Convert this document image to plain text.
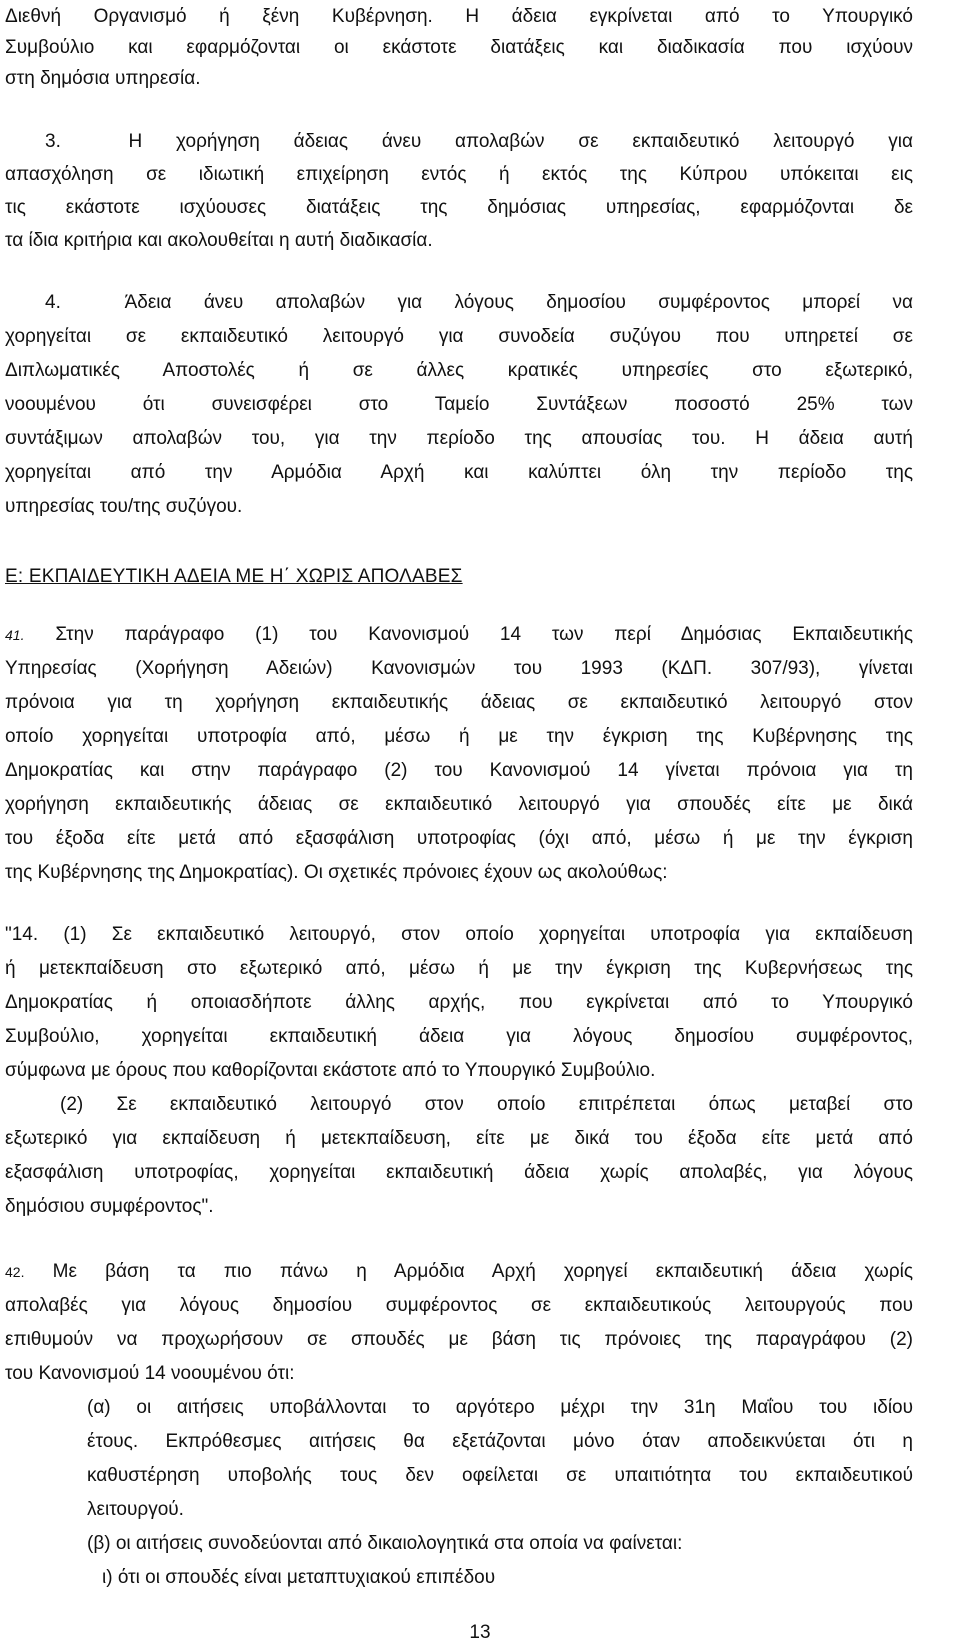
Διεθνή Οργανισμό ή ξένη Κυβέρνηση. Η άδεια εγκρίνεται από το Υπουργικό
Συμβούλιο και εφαρμόζονται οι εκάστοτε διατάξεις και διαδικασία που ισχύουν
στη δημόσια υπηρεσία.
3.	Η χορήγηση άδειας άνευ απολαβών σε εκπαιδευτικό λειτουργό για
απασχόληση σε ιδιωτική επιχείρηση εντός ή εκτός της Κύπρου υπόκειται εις
τις εκάστοτε ισχύουσες διατάξεις της δημόσιας υπηρεσίας, εφαρμόζονται δε
τα ίδια κριτήρια και ακολουθείται η αυτή διαδικασία.
4.	Άδεια άνευ απολαβών για λόγους δημοσίου συμφέροντος μπορεί να
χορηγείται σε εκπαιδευτικό λειτουργό για συνοδεία συζύγου που υπηρετεί σε
Διπλωματικές Αποστολές ή σε άλλες κρατικές υπηρεσίες στο εξωτερικό,
νοουμένου ότι συνεισφέρει στο Ταμείο Συντάξεων ποσοστό 25% των
συντάξιμων απολαβών του, για την περίοδο της απουσίας του. Η άδεια αυτή
χορηγείται από την Αρμόδια Αρχή και καλύπτει όλη την περίοδο της
υπηρεσίας του/της συζύγου.
Ε: ΕΚΠΑΙΔΕΥΤΙΚΗ ΑΔΕΙΑ ΜΕ Η΄ ΧΩΡΙΣ ΑΠΟΛΑΒΕΣ
41. Στην παράγραφο (1) του Κανονισμού 14 των περί Δημόσιας Εκπαιδευτικής
Υπηρεσίας (Χορήγηση Αδειών) Κανονισμών του 1993 (ΚΔΠ. 307/93), γίνεται
πρόνοια για τη χορήγηση εκπαιδευτικής άδειας σε εκπαιδευτικό λειτουργό στον
οποίο χορηγείται υποτροφία από, μέσω ή με την έγκριση της Κυβέρνησης της
Δημοκρατίας και στην παράγραφο (2) του Κανονισμού 14 γίνεται πρόνοια για τη
χορήγηση εκπαιδευτικής άδειας σε εκπαιδευτικό λειτουργό για σπουδές είτε με δικά
του έξοδα είτε μετά από εξασφάλιση υποτροφίας (όχι από, μέσω ή με την έγκριση
της Κυβέρνησης της Δημοκρατίας). Οι σχετικές πρόνοιες έχουν ως ακολούθως:
"14. (1) Σε εκπαιδευτικό λειτουργό, στον οποίο χορηγείται υποτροφία για εκπαίδευση
ή μετεκπαίδευση στο εξωτερικό από, μέσω ή με την έγκριση της Κυβερνήσεως της
Δημοκρατίας ή οποιασδήποτε άλλης αρχής, που εγκρίνεται από το Υπουργικό
Συμβούλιο, χορηγείται εκπαιδευτική άδεια για λόγους δημοσίου συμφέροντος,
σύμφωνα με όρους που καθορίζονται εκάστοτε από το Υπουργικό Συμβούλιο.
(2) Σε εκπαιδευτικό λειτουργό στον οποίο επιτρέπεται όπως μεταβεί στο
εξωτερικό για εκπαίδευση ή μετεκπαίδευση, είτε με δικά του έξοδα είτε μετά από
εξασφάλιση υποτροφίας, χορηγείται εκπαιδευτική άδεια χωρίς απολαβές, για λόγους
δημόσιου συμφέροντος".
42. Με βάση τα πιο πάνω η Αρμόδια Αρχή χορηγεί εκπαιδευτική άδεια χωρίς
απολαβές για λόγους δημοσίου συμφέροντος σε εκπαιδευτικούς λειτουργούς που
επιθυμούν να προχωρήσουν σε σπουδές με βάση τις πρόνοιες της παραγράφου (2)
του Κανονισμού 14 νοουμένου ότι:
(α) οι αιτήσεις υποβάλλονται το αργότερο μέχρι την 31η Μαΐου του ιδίου
έτους. Εκπρόθεσμες αιτήσεις θα εξετάζονται μόνο όταν αποδεικνύεται ότι η
καθυστέρηση υποβολής τους δεν οφείλεται σε υπαιτιότητα του εκπαιδευτικού
λειτουργού.
(β) οι αιτήσεις συνοδεύονται από δικαιολογητικά στα οποία να φαίνεται:
ι) ότι οι σπουδές είναι μεταπτυχιακού επιπέδου
13
